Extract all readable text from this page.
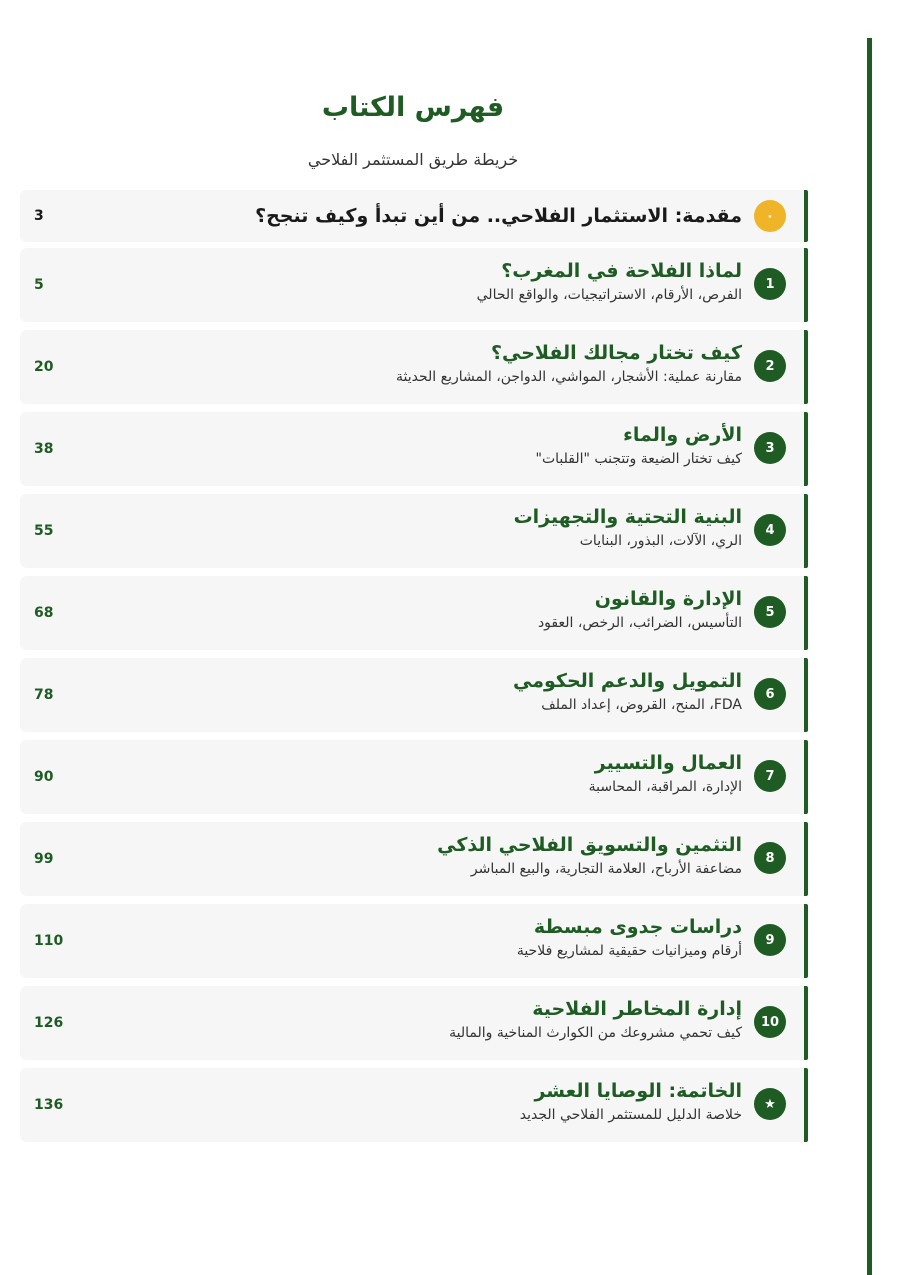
فهرس الكتاب
خريطة طريق المستثمر الفلاحي
٠
مقدمة: الاستثمار الفلاحي.. من أين تبدأ وكيف تنجح؟
3
1
لماذا الفلاحة في المغرب؟
الفرص، الأرقام، الاستراتيجيات، والواقع الحالي
5
2
كيف تختار مجالك الفلاحي؟
مقارنة عملية: الأشجار، المواشي، الدواجن، المشاريع الحديثة
20
3
الأرض والماء
كيف تختار الضيعة وتتجنب "القلبات"
38
4
البنية التحتية والتجهيزات
الري، الآلات، البذور، البنايات
55
5
الإدارة والقانون
التأسيس، الضرائب، الرخص، العقود
68
6
التمويل والدعم الحكومي
FDA، المنح، القروض، إعداد الملف
78
7
العمال والتسيير
الإدارة، المراقبة، المحاسبة
90
8
التثمين والتسويق الفلاحي الذكي
مضاعفة الأرباح، العلامة التجارية، والبيع المباشر
99
9
دراسات جدوى مبسطة
أرقام وميزانيات حقيقية لمشاريع فلاحية
110
10
إدارة المخاطر الفلاحية
كيف تحمي مشروعك من الكوارث المناخية والمالية
126
★
الخاتمة: الوصايا العشر
خلاصة الدليل للمستثمر الفلاحي الجديد
136
